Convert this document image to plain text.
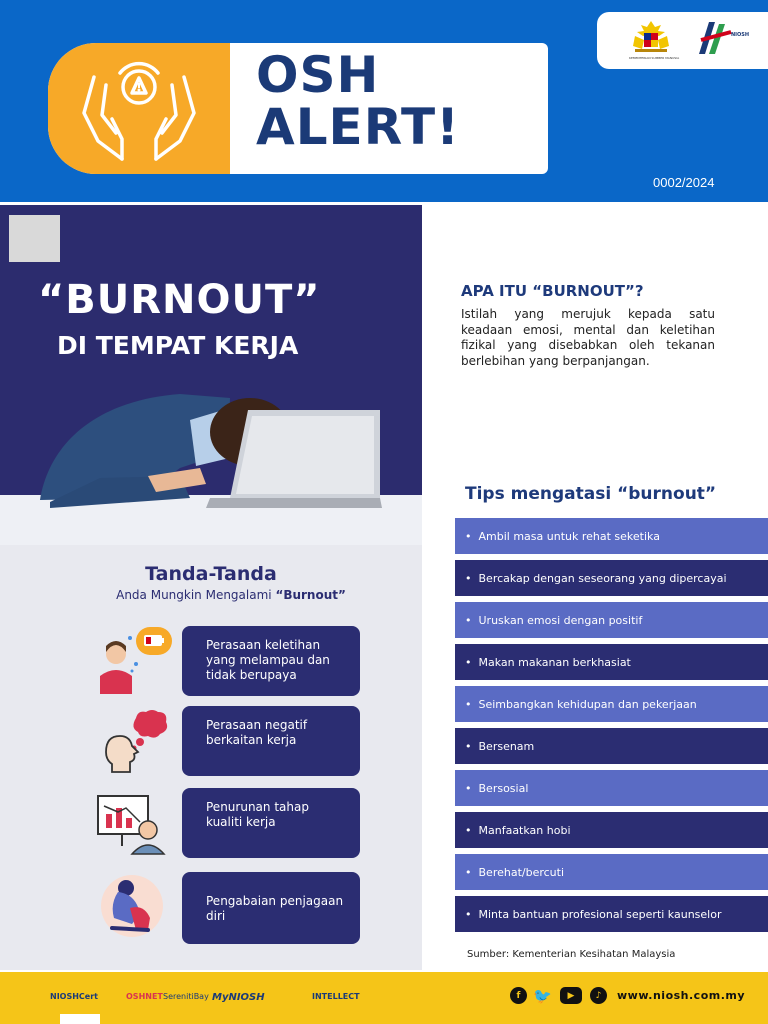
OSH
ALERT!
KEMENTERIAN SUMBER MANUSIA
NIOSH
0002/2024
“BURNOUT”
DI TEMPAT KERJA
APA ITU “BURNOUT”?
Istilah yang merujuk kepada satu keadaan emosi, mental dan keletihan fizikal yang disebabkan oleh tekanan berlebihan yang berpanjangan.
Tips mengatasi “burnout”
• Ambil masa untuk rehat seketika
• Bercakap dengan seseorang yang dipercayai
• Uruskan emosi dengan positif
• Makan makanan berkhasiat
• Seimbangkan kehidupan dan pekerjaan
• Bersenam
• Bersosial
• Manfaatkan hobi
• Berehat/bercuti
• Minta bantuan profesional seperti kaunselor
Sumber: Kementerian Kesihatan Malaysia
Tanda-Tanda
Anda Mungkin Mengalami “Burnout”
Perasaan keletihan yang melampau dan tidak berupaya
Perasaan negatif berkaitan kerja
Penurunan tahap kualiti kerja
Pengabaian penjagaan diri
NIOSHCert	OSHNET SerenitiBay MyNIOSH	INTELLECT	f 🐦	▶	♪	www.niosh.com.my
